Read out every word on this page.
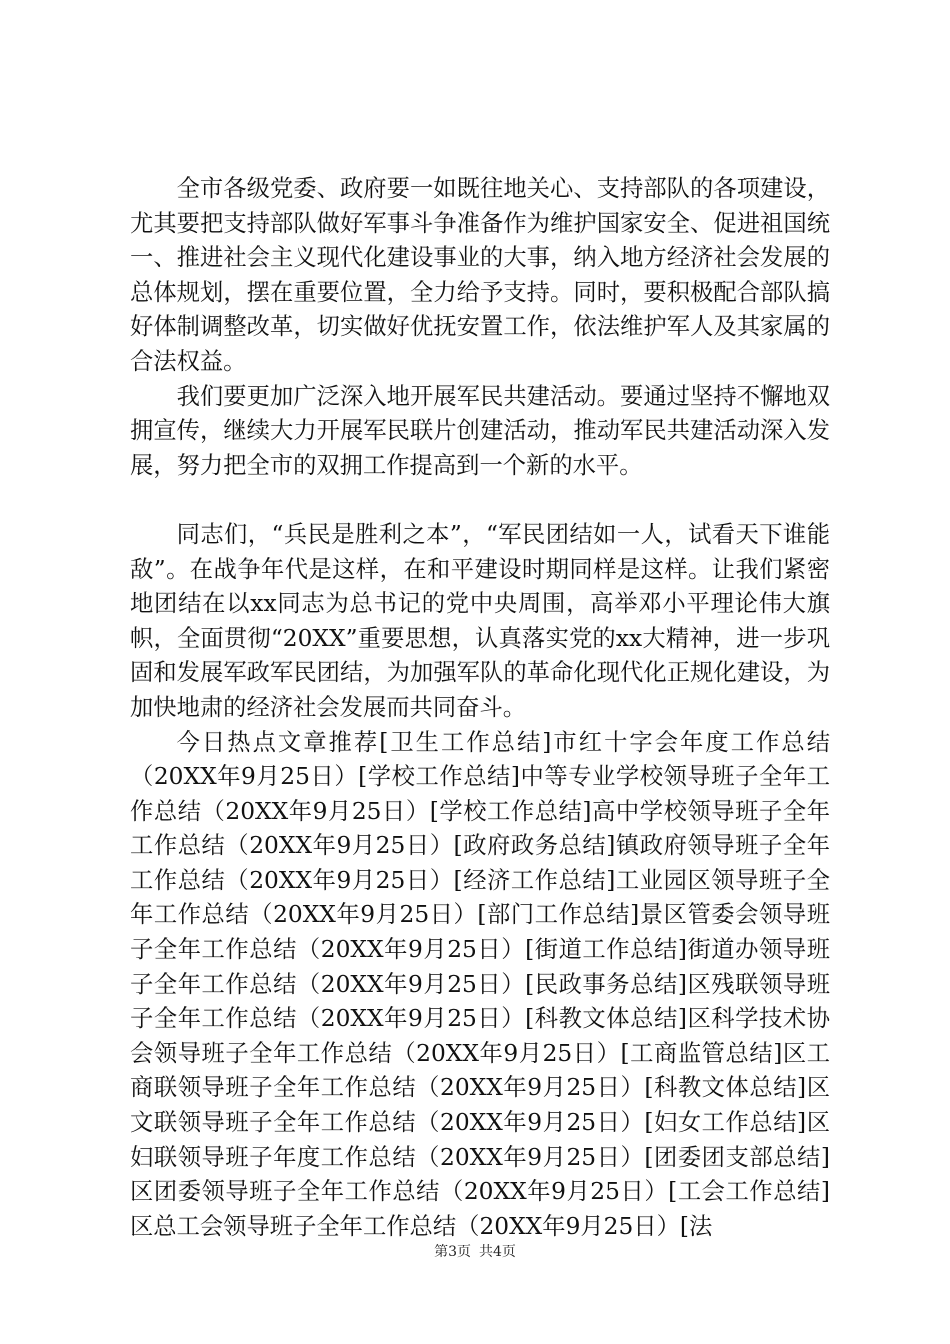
全市各级党委、政府要一如既往地关心、支持部队的各项建设，尤其要把支持部队做好军事斗争准备作为维护国家安全、促进祖国统一、推进社会主义现代化建设事业的大事，纳入地方经济社会发展的总体规划，摆在重要位置，全力给予支持。同时，要积极配合部队搞好体制调整改革，切实做好优抚安置工作，依法维护军人及其家属的合法权益。

我们要更加广泛深入地开展军民共建活动。要通过坚持不懈地双拥宣传，继续大力开展军民联片创建活动，推动军民共建活动深入发展，努力把全市的双拥工作提高到一个新的水平。

同志们，“兵民是胜利之本”，“军民团结如一人，试看天下谁能敌”。在战争年代是这样，在和平建设时期同样是这样。让我们紧密地团结在以xx同志为总书记的党中央周围，高举邓小平理论伟大旗帜，全面贯彻“20XX”重要思想，认真落实党的xx大精神，进一步巩固和发展军政军民团结，为加强军队的革命化现代化正规化建设，为加快地肃的经济社会发展而共同奋斗。

今日热点文章推荐[卫生工作总结]市红十字会年度工作总结（20XX年9月25日）[学校工作总结]中等专业学校领导班子全年工作总结（20XX年9月25日）[学校工作总结]高中学校领导班子全年工作总结（20XX年9月25日）[政府政务总结]镇政府领导班子全年工作总结（20XX年9月25日）[经济工作总结]工业园区领导班子全年工作总结（20XX年9月25日）[部门工作总结]景区管委会领导班子全年工作总结（20XX年9月25日）[街道工作总结]街道办领导班子全年工作总结（20XX年9月25日）[民政事务总结]区残联领导班子全年工作总结（20XX年9月25日）[科教文体总结]区科学技术协会领导班子全年工作总结（20XX年9月25日）[工商监管总结]区工商联领导班子全年工作总结（20XX年9月25日）[科教文体总结]区文联领导班子全年工作总结（20XX年9月25日）[妇女工作总结]区妇联领导班子年度工作总结（20XX年9月25日）[团委团支部总结]区团委领导班子全年工作总结（20XX年9月25日）[工会工作总结]区总工会领导班子全年工作总结（20XX年9月25日）[法

第3页 共4页
